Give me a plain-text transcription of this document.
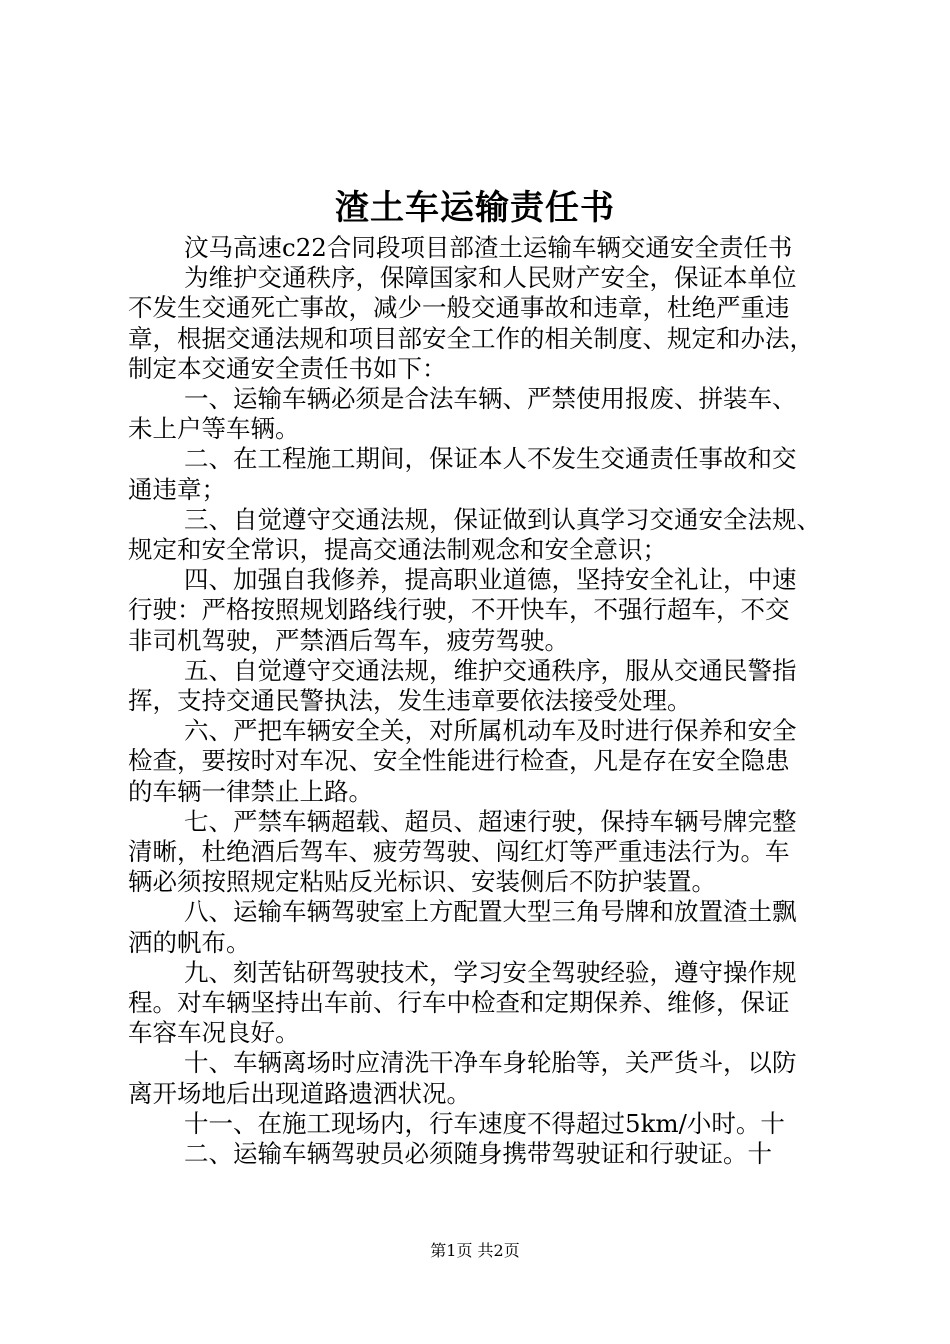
渣土车运输责任书
汶马高速c22合同段项目部渣土运输车辆交通安全责任书
为维护交通秩序，保障国家和人民财产安全，保证本单位
不发生交通死亡事故，减少一般交通事故和违章，杜绝严重违
章，根据交通法规和项目部安全工作的相关制度、规定和办法，
制定本交通安全责任书如下：
一、运输车辆必须是合法车辆、严禁使用报废、拼装车、
未上户等车辆。
二、在工程施工期间，保证本人不发生交通责任事故和交
通违章；
三、自觉遵守交通法规，保证做到认真学习交通安全法规、
规定和安全常识，提高交通法制观念和安全意识；
四、加强自我修养，提高职业道德，坚持安全礼让，中速
行驶：严格按照规划路线行驶，不开快车，不强行超车，不交
非司机驾驶，严禁酒后驾车，疲劳驾驶。
五、自觉遵守交通法规，维护交通秩序，服从交通民警指
挥，支持交通民警执法，发生违章要依法接受处理。
六、严把车辆安全关，对所属机动车及时进行保养和安全
检查，要按时对车况、安全性能进行检查，凡是存在安全隐患
的车辆一律禁止上路。
七、严禁车辆超载、超员、超速行驶，保持车辆号牌完整
清晰，杜绝酒后驾车、疲劳驾驶、闯红灯等严重违法行为。车
辆必须按照规定粘贴反光标识、安装侧后不防护装置。
八、运输车辆驾驶室上方配置大型三角号牌和放置渣土飘
洒的帆布。
九、刻苦钻研驾驶技术，学习安全驾驶经验，遵守操作规
程。对车辆坚持出车前、行车中检查和定期保养、维修，保证
车容车况良好。
十、车辆离场时应清洗干净车身轮胎等，关严货斗，以防
离开场地后出现道路遗洒状况。
十一、在施工现场内，行车速度不得超过5km/小时。十
二、运输车辆驾驶员必须随身携带驾驶证和行驶证。十
第1页 共2页
